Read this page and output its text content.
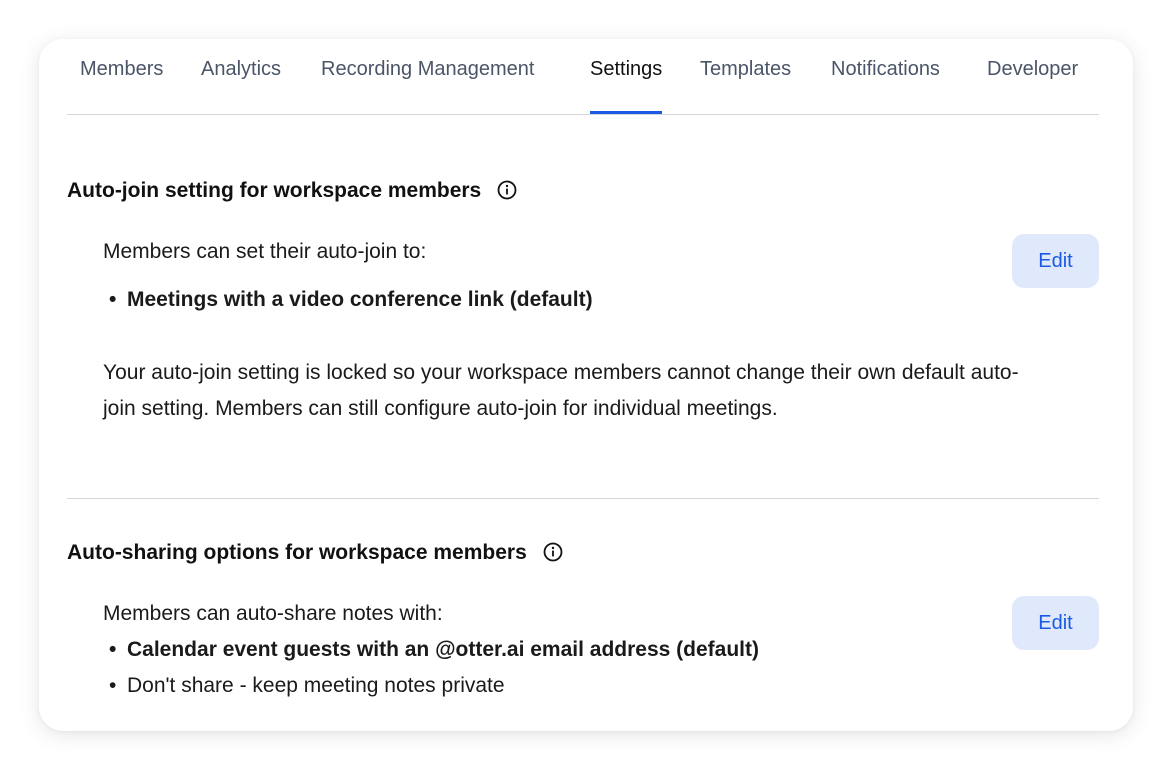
Members Analytics Recording Management	Settings Templates Notifications Developer
Auto-join setting for workspace members
Members can set their auto-join to:
• Meetings with a video conference link (default)
Your auto-join setting is locked so your workspace members cannot change their own default auto-join setting. Members can still configure auto-join for individual meetings.
Edit
Auto-sharing options for workspace members
Members can auto-share notes with:
• Calendar event guests with an @otter.ai email address (default)
• Don't share - keep meeting notes private
Edit
